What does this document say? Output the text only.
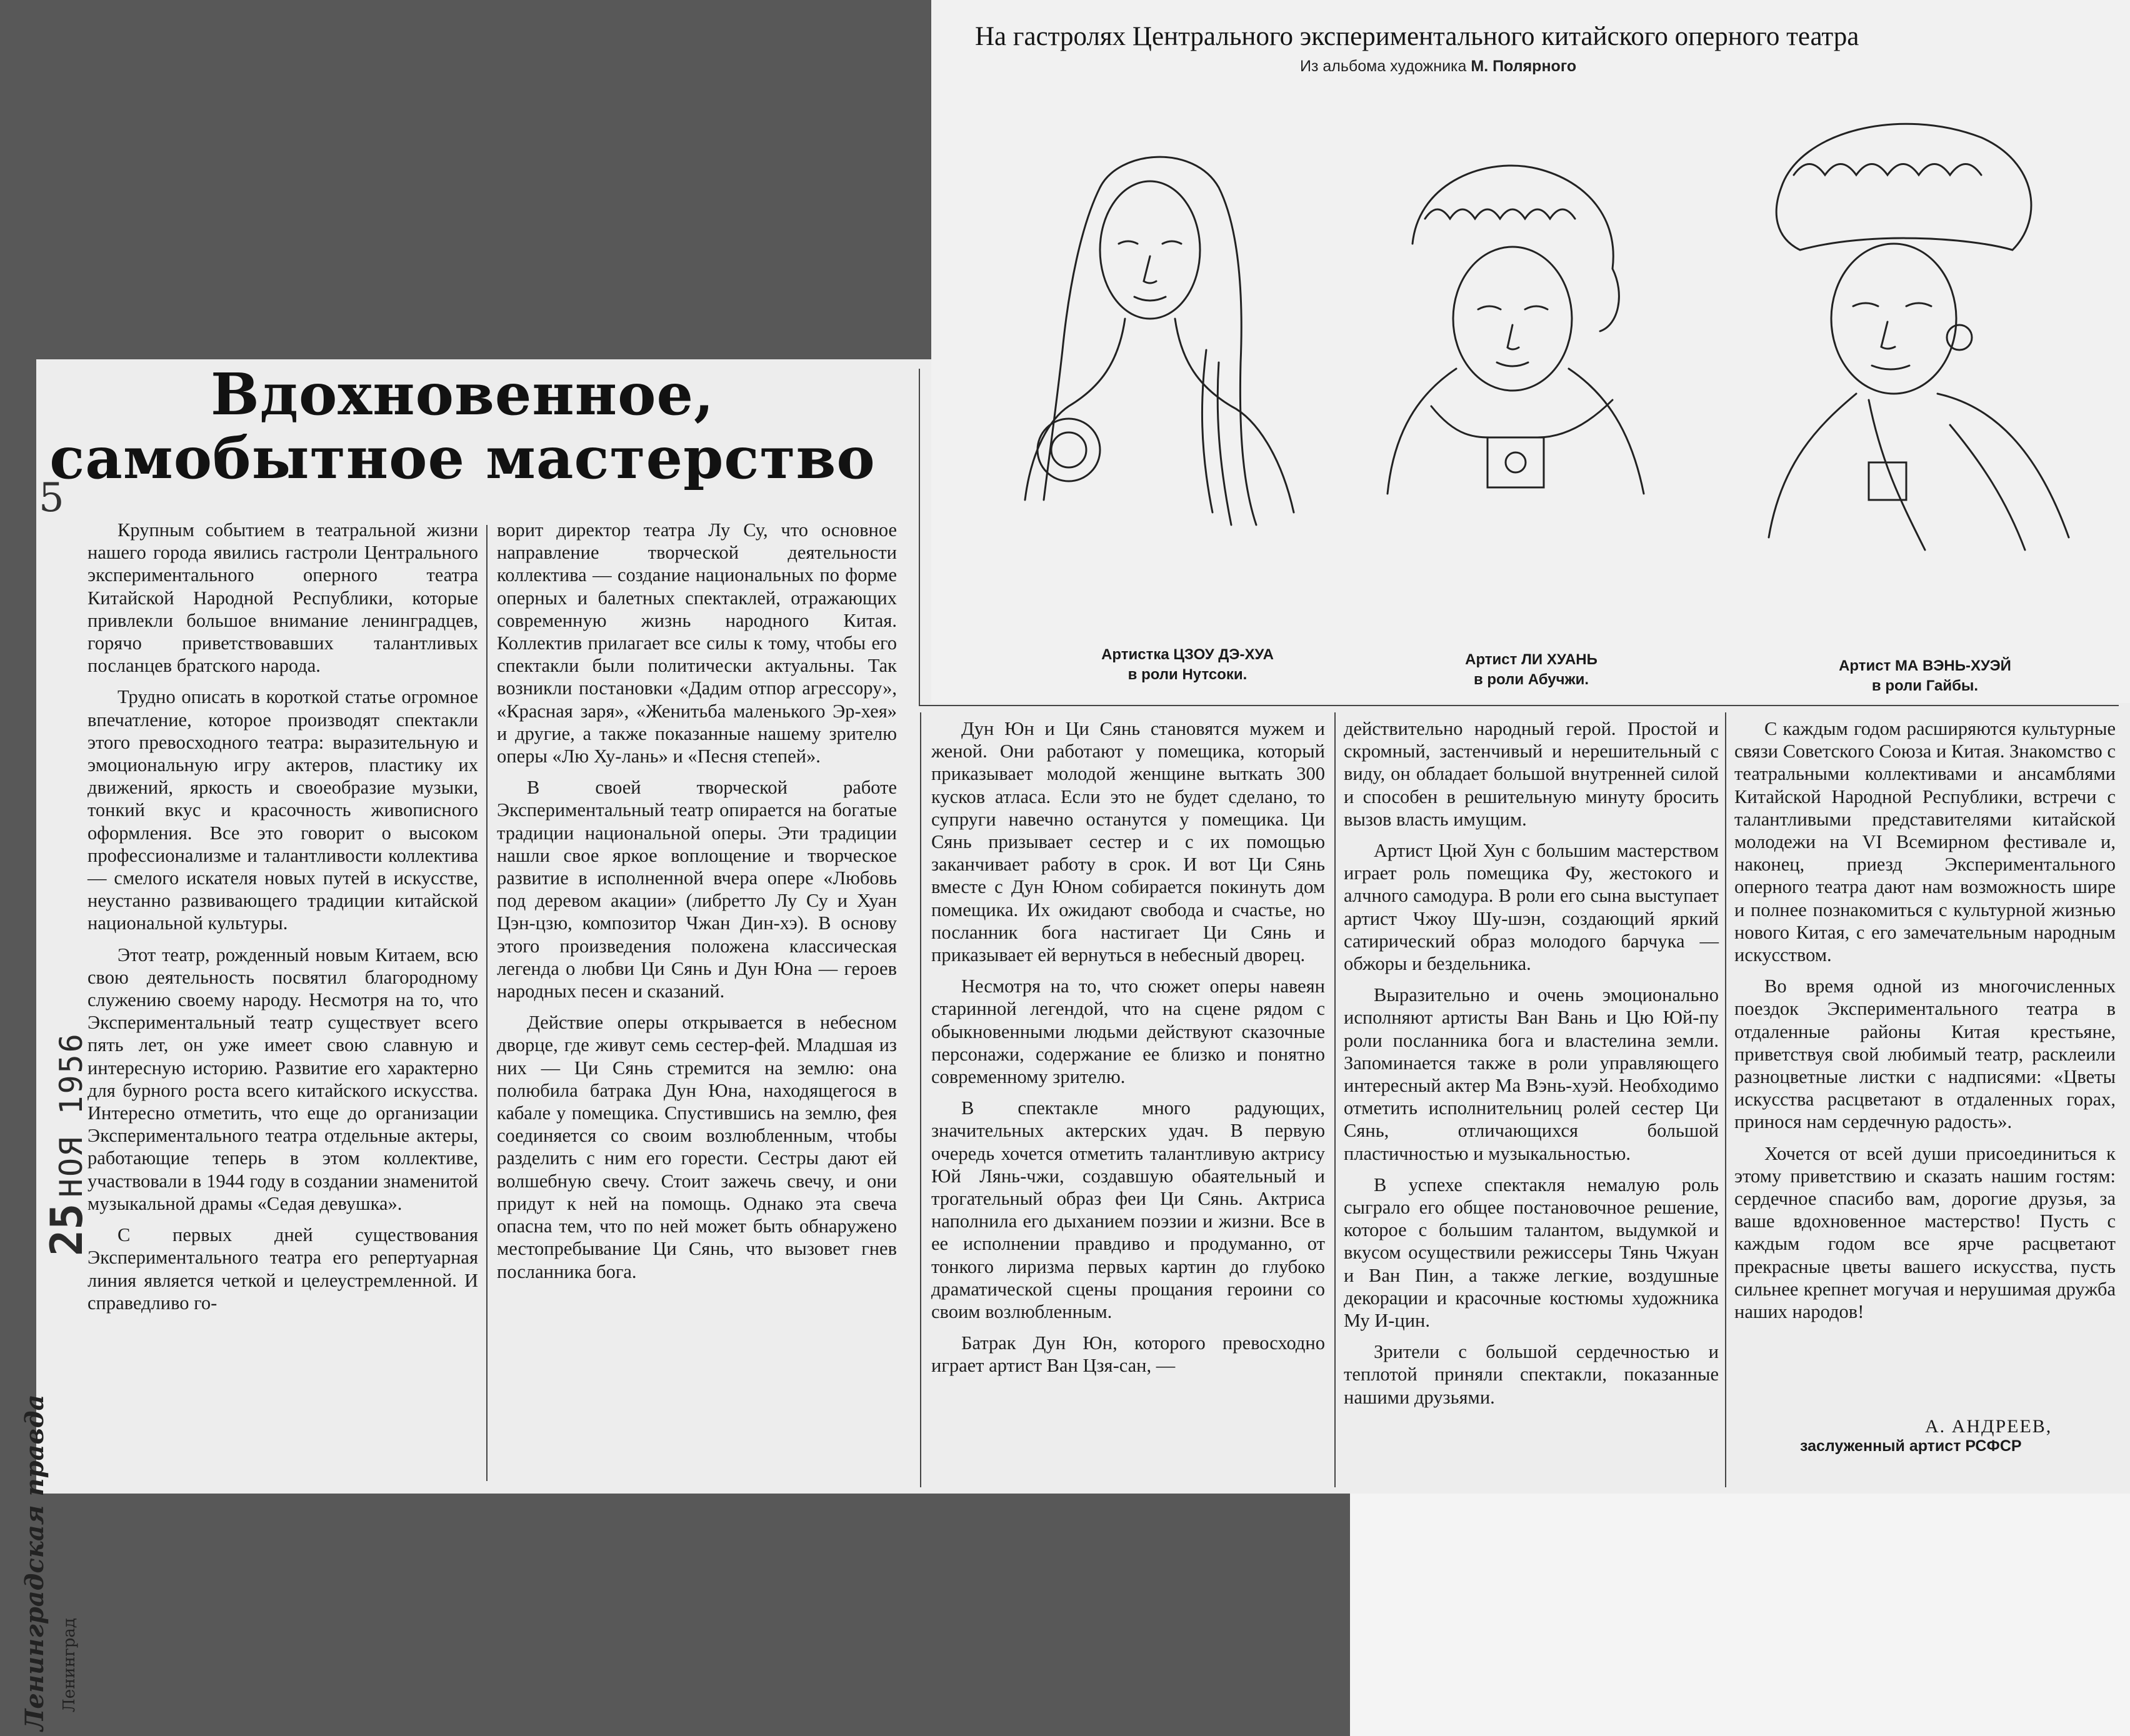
На гастролях Центрального экспериментального китайского оперного театра
Из альбома художника М. Полярного
Артистка ЦЗОУ ДЭ-ХУА
в роли Нутсоки.
Артист ЛИ ХУАНЬ
в роли Абучжи.
Артист МА ВЭНЬ-ХУЭЙ
в роли Гайбы.
Вдохновенное,
самобытное мастерство

Крупным событием в театральной жизни нашего города явились гастроли Центрального экспериментального оперного театра Китайской Народной Республики, которые привлекли большое внимание ленинградцев, горячо приветствовавших талантливых посланцев братского народа.

Трудно описать в короткой статье огромное впечатление, которое производят спектакли этого превосходного театра: выразительную и эмоциональную игру актеров, пластику их движений, яркость и своеобразие музыки, тонкий вкус и красочность живописного оформления. Все это говорит о высоком профессионализме и талантливости коллектива — смелого искателя новых путей в искусстве, неустанно развивающего традиции китайской национальной культуры.

Этот театр, рожденный новым Китаем, всю свою деятельность посвятил благородному служению своему народу. Несмотря на то, что Экспериментальный театр существует всего пять лет, он уже имеет свою славную и интересную историю. Развитие его характерно для бурного роста всего китайского искусства. Интересно отметить, что еще до организации Экспериментального театра отдельные актеры, работающие теперь в этом коллективе, участвовали в 1944 году в создании знаменитой музыкальной драмы «Седая девушка».

С первых дней существования Экспериментального театра его репертуарная линия является четкой и целеустремленной. И справедливо го-

ворит директор театра Лу Су, что основное направление творческой деятельности коллектива — создание национальных по форме оперных и балетных спектаклей, отражающих современную жизнь народного Китая. Коллектив прилагает все силы к тому, чтобы его спектакли были политически актуальны. Так возникли постановки «Дадим отпор агрессору», «Красная заря», «Женитьба маленького Эр-хея» и другие, а также показанные нашему зрителю оперы «Лю Ху-лань» и «Песня степей».

В своей творческой работе Экспериментальный театр опирается на богатые традиции национальной оперы. Эти традиции нашли свое яркое воплощение и творческое развитие в исполненной вчера опере «Любовь под деревом акации» (либретто Лу Су и Хуан Цэн-цзю, композитор Чжан Дин-хэ). В основу этого произведения положена классическая легенда о любви Ци Сянь и Дун Юна — героев народных песен и сказаний.

Действие оперы открывается в небесном дворце, где живут семь сестер-фей. Младшая из них — Ци Сянь стремится на землю: она полюбила батрака Дун Юна, находящегося в кабале у помещика. Спустившись на землю, фея соединяется со своим возлюбленным, чтобы разделить с ним его горести. Сестры дают ей волшебную свечу. Стоит зажечь свечу, и они придут к ней на помощь. Однако эта свеча опасна тем, что по ней может быть обнаружено местопребывание Ци Сянь, что вызовет гнев посланника бога.

Дун Юн и Ци Сянь становятся мужем и женой. Они работают у помещика, который приказывает молодой женщине выткать 300 кусков атласа. Если это не будет сделано, то супруги навечно останутся у помещика. Ци Сянь призывает сестер и с их помощью заканчивает работу в срок. И вот Ци Сянь вместе с Дун Юном собирается покинуть дом помещика. Их ожидают свобода и счастье, но посланник бога настигает Ци Сянь и приказывает ей вернуться в небесный дворец.

Несмотря на то, что сюжет оперы навеян старинной легендой, что на сцене рядом с обыкновенными людьми действуют сказочные персонажи, содержание ее близко и понятно современному зрителю.

В спектакле много радующих, значительных актерских удач. В первую очередь хочется отметить талантливую актрису Юй Лянь-чжи, создавшую обаятельный и трогательный образ феи Ци Сянь. Актриса наполнила его дыханием поэзии и жизни. Все в ее исполнении правдиво и продуманно, от тонкого лиризма первых картин до глубоко драматической сцены прощания героини со своим возлюбленным.

Батрак Дун Юн, которого превосходно играет артист Ван Цзя-сан, —

действительно народный герой. Простой и скромный, застенчивый и нерешительный с виду, он обладает большой внутренней силой и способен в решительную минуту бросить вызов власть имущим.

Артист Цюй Хун с большим мастерством играет роль помещика Фу, жестокого и алчного самодура. В роли его сына выступает артист Чжоу Шу-шэн, создающий яркий сатирический образ молодого барчука — обжоры и бездельника.

Выразительно и очень эмоционально исполняют артисты Ван Вань и Цю Юй-пу роли посланника бога и властелина земли. Запоминается также в роли управляющего интересный актер Ма Вэнь-хуэй. Необходимо отметить исполнительниц ролей сестер Ци Сянь, отличающихся большой пластичностью и музыкальностью.

В успехе спектакля немалую роль сыграло его общее постановочное решение, которое с большим талантом, выдумкой и вкусом осуществили режиссеры Тянь Чжуан и Ван Пин, а также легкие, воздушные декорации и красочные костюмы художника Му И-цин.

Зрители с большой сердечностью и теплотой приняли спектакли, показанные нашими друзьями.

С каждым годом расширяются культурные связи Советского Союза и Китая. Знакомство с театральными коллективами и ансамблями Китайской Народной Республики, встречи с талантливыми представителями китайской молодежи на VI Всемирном фестивале и, наконец, приезд Экспериментального оперного театра дают нам возможность шире и полнее познакомиться с культурной жизнью нового Китая, с его замечательным народным искусством.

Во время одной из многочисленных поездок Экспериментального театра в отдаленные районы Китая крестьяне, приветствуя свой любимый театр, расклеили разноцветные листки с надписями: «Цветы искусства расцветают в отдаленных горах, принося нам сердечную радость».

Хочется от всей души присоединиться к этому приветствию и сказать нашим гостям: сердечное спасибо вам, дорогие друзья, за ваше вдохновенное мастерство! Пусть с каждым годом все ярче расцветают прекрасные цветы вашего искусства, пусть сильнее крепнет могучая и нерушимая дружба наших народов!

А. АНДРЕЕВ,
заслуженный артист РСФСР
25 НОЯ 1956
Ленинградская правда Ленинград
5
